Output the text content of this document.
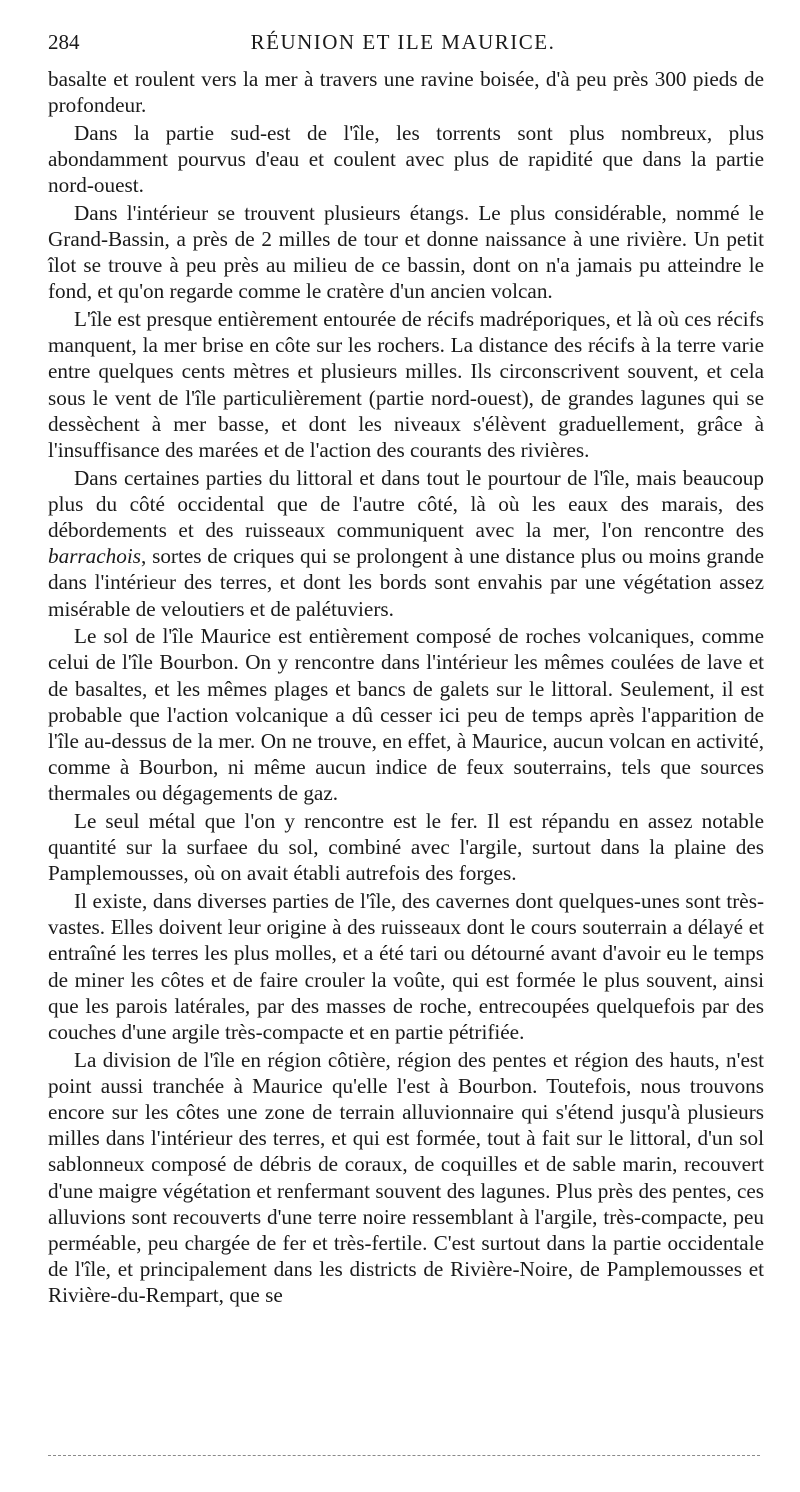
284	RÉUNION ET ILE MAURICE.

basalte et roulent vers la mer à travers une ravine boisée, d'à peu près 300 pieds de profondeur.

Dans la partie sud-est de l'île, les torrents sont plus nombreux, plus abondamment pourvus d'eau et coulent avec plus de rapidité que dans la partie nord-ouest.

Dans l'intérieur se trouvent plusieurs étangs. Le plus considérable, nommé le Grand-Bassin, a près de 2 milles de tour et donne naissance à une rivière. Un petit îlot se trouve à peu près au milieu de ce bassin, dont on n'a jamais pu atteindre le fond, et qu'on regarde comme le cratère d'un ancien volcan.

L'île est presque entièrement entourée de récifs madréporiques, et là où ces récifs manquent, la mer brise en côte sur les rochers. La distance des récifs à la terre varie entre quelques cents mètres et plusieurs milles. Ils circonscrivent souvent, et cela sous le vent de l'île particulièrement (partie nord-ouest), de grandes lagunes qui se dessèchent à mer basse, et dont les niveaux s'élèvent graduellement, grâce à l'insuffisance des marées et de l'action des courants des rivières.

Dans certaines parties du littoral et dans tout le pourtour de l'île, mais beaucoup plus du côté occidental que de l'autre côté, là où les eaux des marais, des débordements et des ruisseaux communiquent avec la mer, l'on rencontre des barrachois, sortes de criques qui se prolongent à une distance plus ou moins grande dans l'intérieur des terres, et dont les bords sont envahis par une végétation assez misérable de veloutiers et de palétuviers.

Le sol de l'île Maurice est entièrement composé de roches volcaniques, comme celui de l'île Bourbon. On y rencontre dans l'intérieur les mêmes coulées de lave et de basaltes, et les mêmes plages et bancs de galets sur le littoral. Seulement, il est probable que l'action volcanique a dû cesser ici peu de temps après l'apparition de l'île au-dessus de la mer. On ne trouve, en effet, à Maurice, aucun volcan en activité, comme à Bourbon, ni même aucun indice de feux souterrains, tels que sources thermales ou dégagements de gaz.

Le seul métal que l'on y rencontre est le fer. Il est répandu en assez notable quantité sur la surfaee du sol, combiné avec l'argile, surtout dans la plaine des Pamplemousses, où on avait établi autrefois des forges.

Il existe, dans diverses parties de l'île, des cavernes dont quelques-unes sont très-vastes. Elles doivent leur origine à des ruisseaux dont le cours souterrain a délayé et entraîné les terres les plus molles, et a été tari ou détourné avant d'avoir eu le temps de miner les côtes et de faire crouler la voûte, qui est formée le plus souvent, ainsi que les parois latérales, par des masses de roche, entrecoupées quelquefois par des couches d'une argile très-compacte et en partie pétrifiée.

La division de l'île en région côtière, région des pentes et région des hauts, n'est point aussi tranchée à Maurice qu'elle l'est à Bourbon. Toutefois, nous trouvons encore sur les côtes une zone de terrain alluvionnaire qui s'étend jusqu'à plusieurs milles dans l'intérieur des terres, et qui est formée, tout à fait sur le littoral, d'un sol sablonneux composé de débris de coraux, de coquilles et de sable marin, recouvert d'une maigre végétation et renfermant souvent des lagunes. Plus près des pentes, ces alluvions sont recouverts d'une terre noire ressemblant à l'argile, très-compacte, peu perméable, peu chargée de fer et très-fertile. C'est surtout dans la partie occidentale de l'île, et principalement dans les districts de Rivière-Noire, de Pamplemousses et Rivière-du-Rempart, que se
